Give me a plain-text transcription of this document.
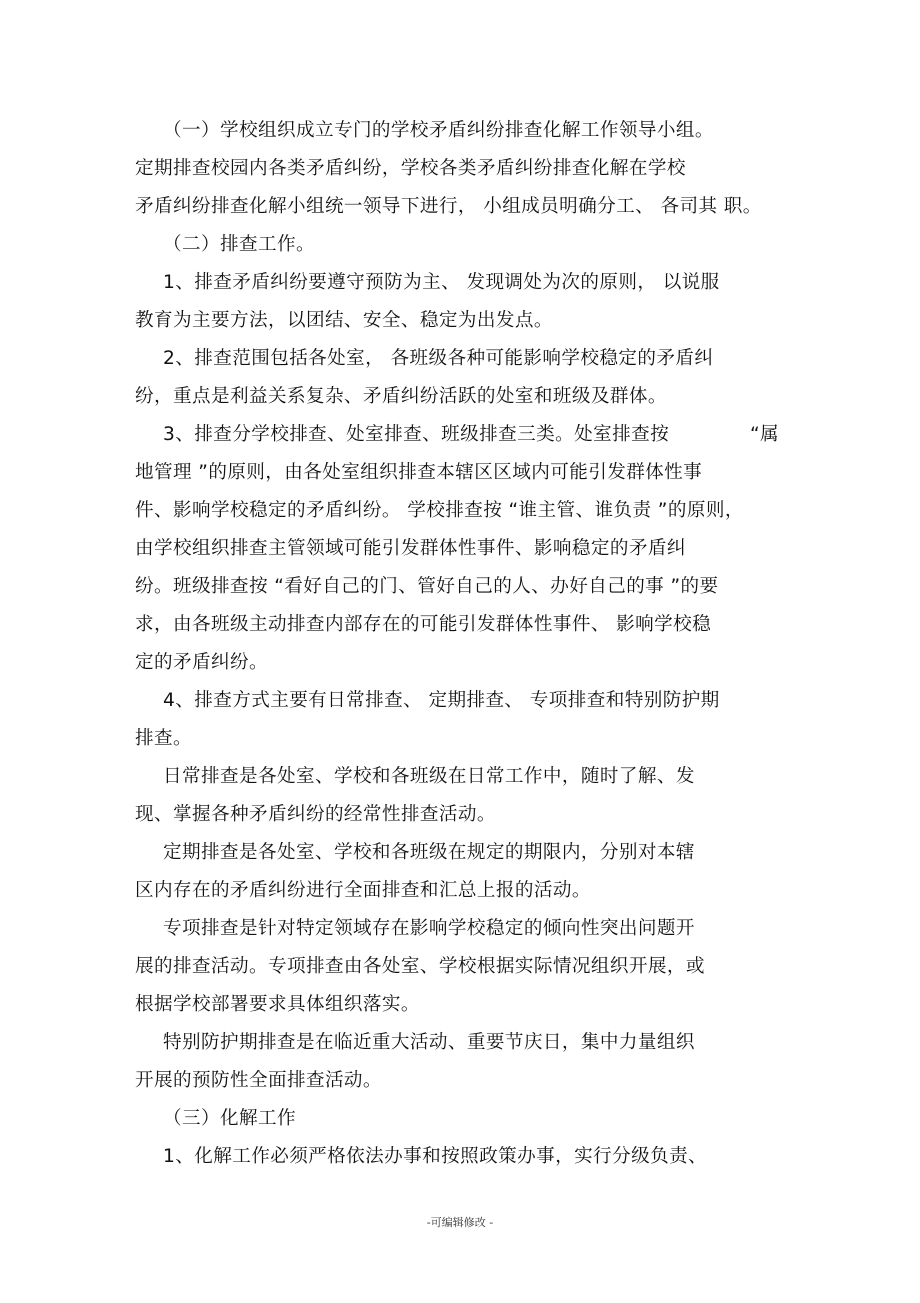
（一）学校组织成立专门的学校矛盾纠纷排查化解工作领导小组。
定期排查校园内各类矛盾纠纷，学校各类矛盾纠纷排查化解在学校
矛盾纠纷排查化解小组统一领导下进行， 小组成员明确分工、 各司其 职。
（二）排查工作。
1、排查矛盾纠纷要遵守预防为主、 发现调处为次的原则， 以说服
教育为主要方法，以团结、安全、稳定为出发点。
2、排查范围包括各处室， 各班级各种可能影响学校稳定的矛盾纠
纷，重点是利益关系复杂、矛盾纠纷活跃的处室和班级及群体。
3、排查分学校排查、处室排查、班级排查三类。处室排查按	“属
地管理 ”的原则，由各处室组织排查本辖区区域内可能引发群体性事
件、影响学校稳定的矛盾纠纷。 学校排查按 “谁主管、谁负责 ”的原则，
由学校组织排查主管领域可能引发群体性事件、影响稳定的矛盾纠
纷。班级排查按 “看好自己的门、管好自己的人、办好自己的事 ”的要
求，由各班级主动排查内部存在的可能引发群体性事件、 影响学校稳
定的矛盾纠纷。
4、排查方式主要有日常排查、 定期排查、 专项排查和特别防护期
排查。
日常排查是各处室、学校和各班级在日常工作中，随时了解、发
现、掌握各种矛盾纠纷的经常性排查活动。
定期排查是各处室、学校和各班级在规定的期限内，分别对本辖
区内存在的矛盾纠纷进行全面排查和汇总上报的活动。
专项排查是针对特定领域存在影响学校稳定的倾向性突出问题开
展的排查活动。专项排查由各处室、学校根据实际情况组织开展，或
根据学校部署要求具体组织落实。
特别防护期排查是在临近重大活动、重要节庆日，集中力量组织
开展的预防性全面排查活动。
（三）化解工作
1、化解工作必须严格依法办事和按照政策办事，实行分级负责、
-可编辑修改 -
